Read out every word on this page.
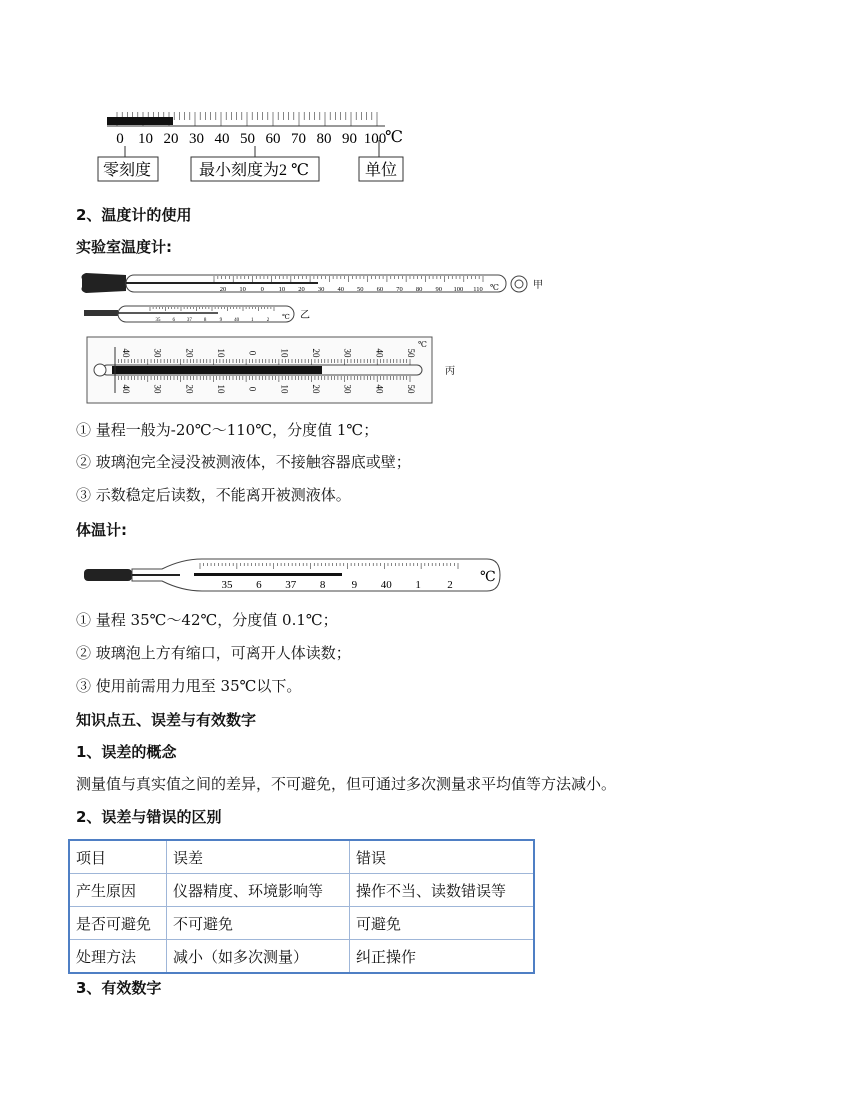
0 10 20 30 40 50 60 70 80 90 100
℃
零刻度	最小刻度为2 ℃	单位
2、温度计的使用
实验室温度计:
20 10 0 10 20 30 40 50 60 70 80 90 100 110 ℃	甲
35 6 37 8	9 40 1	2 ℃ 乙
40 30 20 10 0 10 20 30 40 50
40 30 20 10 0 10 20 30 40 50
℃
丙
① 量程一般为-20℃～110℃，分度值 1℃；
② 玻璃泡完全浸没被测液体，不接触容器底或壁；
③ 示数稳定后读数，不能离开被测液体。
体温计:
35 6 37 8 9 40 1 2 ℃
① 量程 35℃～42℃，分度值 0.1℃；
② 玻璃泡上方有缩口，可离开人体读数；
③ 使用前需用力甩至 35℃以下。
知识点五、误差与有效数字
1、误差的概念
测量值与真实值之间的差异，不可避免，但可通过多次测量求平均值等方法减小。
2、误差与错误的区别
项目	误差	错误
产生原因	仪器精度、环境影响等	操作不当、读数错误等
是否可避免	不可避免	可避免
处理方法	减小（如多次测量）	纠正操作
3、有效数字
